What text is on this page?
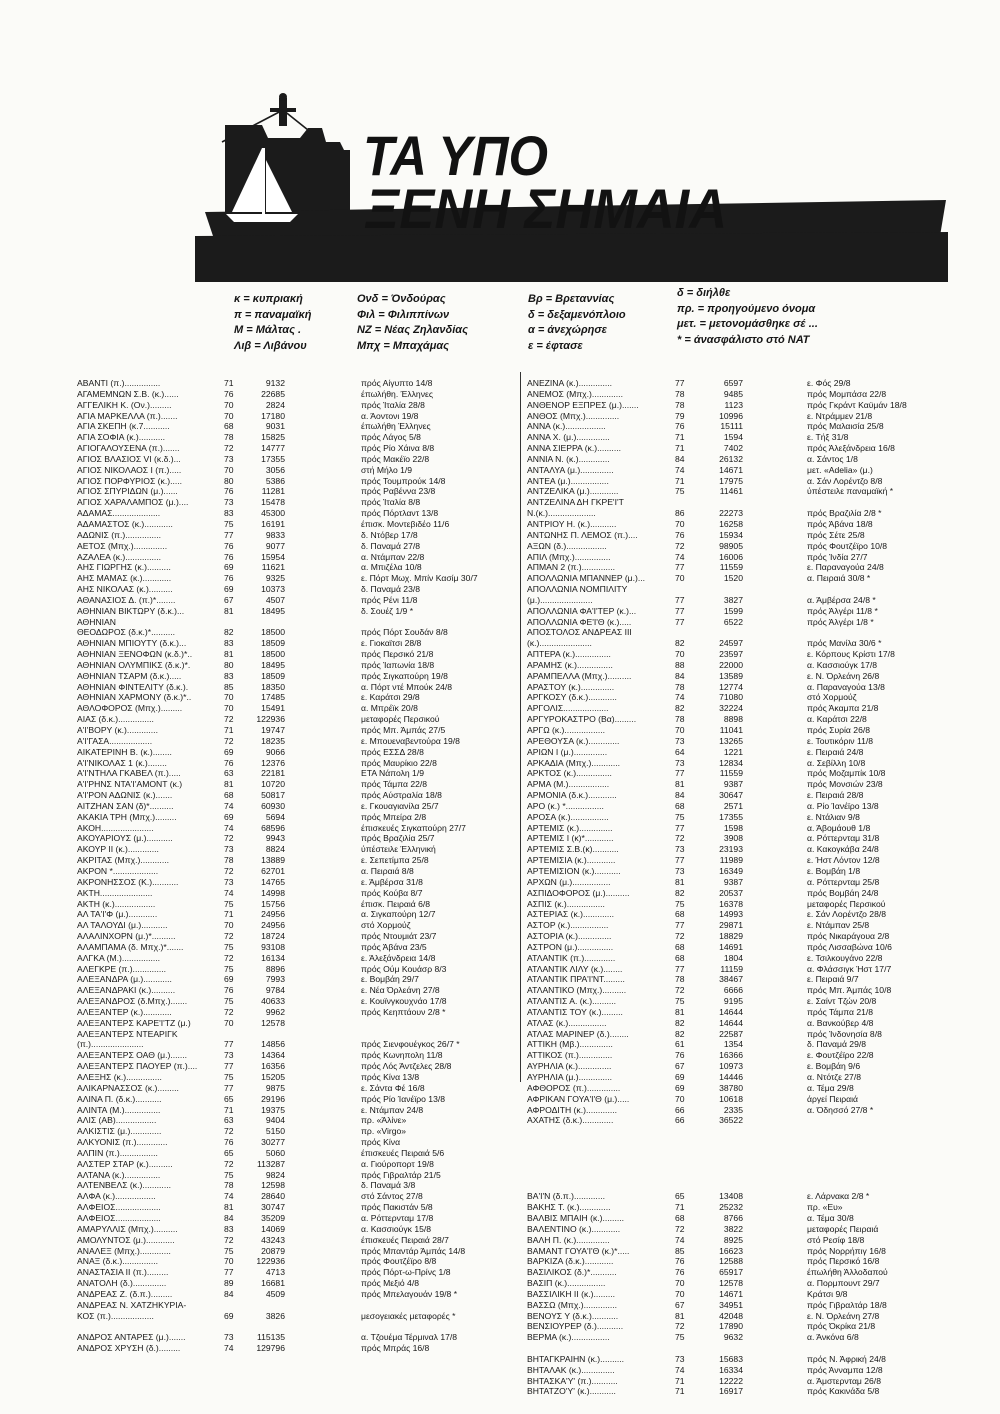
ΤΑ ΥΠΟ
ΞΕΝΗ ΣΗΜΑΙΑ
κ = κυπριακή
π = παναμαϊκή
Μ = Μάλτας .
Λιβ = Λιβάνου
Ονδ = Όνδούρας
Φιλ = Φιλιππίνων
ΝΖ = Νέας Ζηλανδίας
Μπχ = Μπαχάμας
Βρ = Βρεταννίας
δ = δεξαμενόπλοιο
α = άνεχώρησε
ε = έφτασε
δ = διήλθε
πρ. = προηγούμενο όνομα
μετ. = μετονομάσθηκε σέ ...
* = άνασφάλιστο στό ΝΑΤ
ΑΒΑΝΤΙ (π.)...............	71	9132	πρός Αίγυπτο 14/8
ΑΓΑΜΕΜΝΩΝ Σ.Β. (κ.)......	76	22685	έπωλήθη. Έλληνες
ΑΓΓΕΛΙΚΗ Κ. (Ον.).........	70	2824	πρός Ίταλία 28/8
ΑΓΙΑ ΜΑΡΚΕΛΛΑ (π.).......	70	17180	α. Άοντονι 19/8
ΑΓΙΑ ΣΚΕΠΗ (κ.7...........	68	9031	έπωλήθη Έλληνες
ΑΓΙΑ ΣΟΦΙΑ (κ.)...........	78	15825	πρός Λάγος 5/8
ΑΓΙΟΓΑΛΟΥΣΕΝΑ (π.).......	72	14777	πρός Ρίο Χάινα 8/8
ΑΓΙΟΣ ΒΛΑΣΙΟΣ VI (κ.δ.)...	73	17355	πρός Μακέϊο 22/8
ΑΓΙΟΣ ΝΙΚΟΛΑΟΣ Ι (π.).....	70	3056	στή Μήλο 1/9
ΑΓΙΟΣ ΠΟΡΦΥΡΙΟΣ (κ.).....	80	5386	πρός Τουμπρούκ 14/8
ΑΓΙΟΣ ΣΠΥΡΙΔΩΝ (μ.)......	76	11281	πρός Ραβέννα 23/8
ΑΓΙΟΣ ΧΑΡΑΛΑΜΠΟΣ (μ.)....	73	15478	πρός Ίταλία 8/8
ΑΔΑΜΑΣ....................	83	45300	πρός Πόρτλαντ 13/8
ΑΔΑΜΑΣΤΟΣ (κ.)............	75	16191	έπισκ. Μοντεβιδέο 11/6
ΑΔΩΝΙΣ (π.)...............	77	9833	δ. Ντόβερ 17/8
ΑΕΤΟΣ (Μπχ.)..............	76	9077	δ. Παναμά 27/8
ΑΖΑΛΕΑ (κ.)...............	76	15954	α. Ντάμπαν 22/8
ΑΗΣ ΓΙΩΡΓΗΣ (κ.)..........	69	11621	α. Μπιζέλα 10/8
ΑΗΣ ΜΑΜΑΣ (κ.)............	76	9325	ε. Πόρτ Μωχ. Μπίν Κασίμ 30/7
ΑΗΣ ΝΙΚΟΛΑΣ (κ.)..........	69	10373	δ. Παναμά 23/8
ΑΘΑΝΑΣΙΟΣ Δ. (π.)*........	67	4507	πρός Ρένι 11/8
ΑΘΗΝΙΑΝ ΒΙΚΤΩΡΥ (δ.κ.)...	81	18495	δ. Σουέζ 1/9 *
ΑΘΗΝΙΑΝ
ΘΕΟΔΩΡΟΣ (δ.κ.)*..........	82	18500	πρός Πόρτ Σουδάν 8/8
ΑΘΗΝΙΑΝ ΜΠΙΟΥΤΥ (δ.κ.)...	83	18509	ε. Γιοκαϊτσι 28/8
ΑΘΗΝΙΑΝ ΞΕΝΟΦΩΝ (κ.δ.)*..	81	18500	πρός Περσικό 21/8
ΑΘΗΝΙΑΝ ΟΛΥΜΠΙΚΣ (δ.κ.)*.	80	18495	πρός Ίαπωνία 18/8
ΑΘΗΝΙΑΝ ΤΣΑΡΜ (δ.κ.).....	83	18509	πρός Σιγκαπούρη 19/8
ΑΘΗΝΙΑΝ ΦΙΝΤΕΛΙΤΥ (δ.κ.).	85	18350	α. Πόρτ ντέ Μπούκ 24/8
ΑΘΗΝΙΑΝ ΧΑΡΜΟΝΥ (δ.κ.)*..	70	17485	ε. Καράτσι 29/8
ΑΘΛΟΦΟΡΟΣ (Μπχ.).........	70	15491	α. Μπρέϊκ 20/8
ΑΙΑΣ (δ.κ.)...............	72	122936	μεταφορές Περσικού
Α'Ι'ΒΟΡΥ (κ.).............	71	19747	πρός Μπ. Άμπάς 27/5
Α'Ι'ΓΑΣΑ..................	72	18235	ε. Μπουεναβεντούρα 19/8
ΑΙΚΑΤΕΡΙΝΗ Β. (κ.)........	69	9066	πρός ΕΣΣΔ 28/8
Α'Ι'ΝΙΚΟΛΑΣ 1 (κ.)........	76	12376	πρός Μαυρίκιο 22/8
Α'Ι'ΝΤΗΛΑ ΓΚΑΒΕΛ (π.).....	63	22181	ΕΤΑ Νάπολη 1/9
Α'Ι'ΡΗΝΣ ΝΤΑ'Ι'ΑΜΟΝΤ (κ.)	81	10720	πρός Τάμπα 22/8
Α'Ι'ΡΟΝ ΑΔΩΝΙΣ (κ.).......	68	50817	πρός Αύστραλία 18/8
ΑΙΤΖΗΑΝ ΣΑΝ (δ)*..........	74	60930	ε. Γκουαγιανίλα 25/7
ΑΚΑΚΙΑ ΤΡΗ (Μπχ.).........	69	5694	πρός Μπείρα 2/8
ΑΚΟΗ......................	74	68596	έπισκευές Σιγκαπούρη 27/7
ΑΚΟΥΑΡΙΟΥΣ (μ.)...........	72	9943	πρός Βραζιλία 25/7
ΑΚΟΥΡ ΙΙ (κ.).............	73	8824	ύπέστειλε Έλληνική
ΑΚΡΙΤΑΣ (Μπχ.)............	78	13889	ε. Σεπετίμπα 25/8
ΑΚΡΟΝ *...................	72	62701	α. Πειραιά 8/8
ΑΚΡΟΝΗΣΣΟΣ (Κ.)...........	73	14765	ε. Άμβέρσα 31/8
ΑΚΤΗ......................	74	14998	πρός Κούβα 8/7
ΑΚΤΗ (κ.).................	75	15756	έπισκ. Πειραιά 6/8
ΑΛ ΤΑ'Ι'Φ (μ.)............	71	24956	α. Σιγκαπούρη 12/7
ΑΛ ΤΑΛΟΥΔΙ (μ.)...........	70	24956	στό Χορμούζ
ΑΛΑΛΙΝΧΟΡΝ (μ.)*..........	72	18724	πρός Ντουμιάτ 23/7
ΑΛΑΜΠΑΜΑ (δ. Μπχ.)*.......	75	93108	πρός Άβάνα 23/5
ΑΛΓΚΑ (Μ.)................	72	16134	ε. Άλεξάνδρεια 14/8
ΑΛΕΓΚΡΕ (π.)..............	75	8896	πρός Ούμ Κουάσρ 8/3
ΑΛΕΞΑΝΔΡΑ (μ.)............	69	7993	ε. Βομβάη 29/7
ΑΛΕΞΑΝΔΡΑΚΙ (κ.)..........	76	9784	ε. Νέα Όρλεάνη 27/8
ΑΛΕΞΑΝΔΡΟΣ (δ.Μπχ.).......	75	40633	ε. Κουϊνγκουχνάο 17/8
ΑΛΕΞΑΝΤΕΡ (κ.)............	72	9962	πρός Κεηπτάουν 2/8 *
ΑΛΕΞΑΝΤΕΡΣ ΚΑΡΕ'Ι'ΤΖ (μ.)	70	12578
ΑΛΕΞΑΝΤΕΡΣ ΝΤΕΑΡΙΓΚ
(π.)......................	77	14856	πρός Σιενφουέγκος 26/7 *
ΑΛΕΞΑΝΤΕΡΣ ΟΑΘ (μ.).......	73	14364	πρός Κωνηπολη 11/8
ΑΛΕΞΑΝΤΕΡΣ ΠΑΟΥΕΡ (π.)....	77	16356	πρός Λός Άντζελες 28/8
ΑΛΕΞΗΣ (κ.)...............	75	15205	πρός Κίνα 13/8
ΑΛΙΚΑΡΝΑΣΣΟΣ (κ.).........	77	9875	ε. Σάντα Φέ 16/8
ΑΛΙΝΑ Π. (δ.κ.)...........	65	29196	πρός Ρίο Ίανέϊρο 13/8
ΑΛΙΝΤΑ (Μ.)...............	71	19375	ε. Ντάμπαν 24/8
ΑΛΙΣ (ΑΒ).................	63	9404	πρ. «Άλίνε»
ΑΛΚΙΣΤΙΣ (μ.).............	72	5150	πρ. «Virgo»
ΑΛΚΥΟΝΙΣ (π.).............	76	30277	πρός Κίνα
ΑΛΠΙΝ (π.)................	65	5060	έπισκευές Πειραιά 5/6
ΑΛΣΤΕΡ ΣΤΑΡ (κ.)..........	72	113287	α. Γιούροπορτ 19/8
ΑΛΤΑΝΑ (κ.)...............	75	9824	πρός Γιβραλτάρ 21/5
ΑΛΤΕΝΒΕΛΣ (κ.)............	78	12598	δ. Παναμά 3/8
ΑΛΦΑ (κ.).................	74	28640	στό Σάντος 27/8
ΑΛΦΕΙΟΣ...................	81	30747	πρός Πακιστάν 5/8
ΑΛΦΕΙΟΣ...................	84	35209	α. Ρόττερνταμ 17/8
ΑΜΑΡΥΛΛΙΣ (Μπχ.)..........	83	14069	α. Κασσιούγκ 15/8
ΑΜΟΛΥΝΤΟΣ (μ.)............	72	43243	έπισκευές Πειραιά 28/7
ΑΝΑΛΕΞ (Μπχ.).............	75	20879	πρός Μπαντάρ Άμπάς 14/8
ΑΝΑΞ (δ.κ.)...............	70	122936	πρός Φουτζέϊρο 8/8
ΑΝΑΣΤΑΣΙΑ ΙΙ (π.).........	77	4713	πρός Πόρτ-ω-Πρίνς 1/8
ΑΝΑΤΟΛΗ (δ.)..............	89	16681	πρός Μεξιό 4/8
ΑΝΔΡΕΑΣ Ζ. (δ.π.).........	84	4509	πρός Μπελαγουάν 19/8 *
ΑΝΔΡΕΑΣ Ν. ΧΑΤΖΗΚΥΡΙΑ-
ΚΟΣ (π.)..................	69	3826	μεσογειακές μεταφορές *
ΑΝΔΡΟΣ ΑΝΤΑΡΕΣ (μ.).......	73	115135	α. Τζουέμα Τέρμιναλ 17/8
ΑΝΔΡΟΣ ΧΡΥΣΗ (δ.).........	74	129796	πρός Μπράς 16/8
ΑΝΕΖΙΝΑ (κ.)..............	77	6597	ε. Φός 29/8
ΑΝΕΜΟΣ (Μπχ.).............	78	9485	πρός Μομπάσα 22/8
ΑΝΘΕΝΟΡ ΕΞΠΡΕΣ (μ.).......	78	1123	πρός Γκράντ Καϋμάν 18/8
ΑΝΘΟΣ (Μπχ.)..............	79	10996	ε. Ντράμμεν 21/8
ΑΝΝΑ (κ.).................	76	15111	πρός Μαλαισία 25/8
ΑΝΝΑ Χ. (μ.)..............	71	1594	ε. Τήξ 31/8
ΑΝΝΑ ΣΙΕΡΡΑ (κ.)..........	71	7402	πρός Άλεξάνδρεια 16/8
ΑΝΝΙΑ Ν. (κ.).............	84	26132	α. Σάντος 1/8
ΑΝΤΑΛΥΑ (μ.)..............	74	14671	μετ. «Adelia» (μ.)
ΑΝΤΕΑ (μ.)................	71	17975	α. Σάν Λορέντζο 8/8
ΑΝΤΖΕΛΙΚΑ (μ.)............	75	11461	ύπέστειλε παναμαϊκή *
ΑΝΤΖΕΛΙΝΑ ΔΗ ΓΚΡΕ'Ι'Τ
Ν.(κ.)....................	86	22273	πρός Βραζιλία 2/8 *
ΑΝΤΡΙΟΥ Η. (κ.)...........	70	16258	πρός Άβάνα 18/8
ΑΝΤΩΝΗΣ Π. ΛΕΜΟΣ (π.)....	76	15934	πρός Σέτε 25/8
ΑΞΩΝ (δ.).................	72	98905	πρός Φουτζέϊρο 10/8
ΑΠΙΛ (Μπχ.)...............	74	16006	πρός Ίνδία 27/7
ΑΠΜΑΝ 2 (π.)..............	77	11559	ε. Παραναγούα 24/8
ΑΠΟΛΛΩΝΙΑ ΜΠΑΝΝΕΡ (μ.)...	70	1520	α. Πειραιά 30/8 *
ΑΠΟΛΛΩΝΙΑ ΝΟΜΠΙΛΙΤΥ
(μ.)......................	77	3827	α. Άμβέρσα 24/8 *
ΑΠΟΛΛΩΝΙΑ ΦΑ'Ι'ΤΕΡ (κ.)...	77	1599	πρός Άλγέρι 11/8 *
ΑΠΟΛΛΩΝΙΑ ΦΕ'Ι'Θ (κ.).....	77	6522	πρός Άλγέρι 1/8 *
ΑΠΟΣΤΟΛΟΣ ΑΝΔΡΕΑΣ ΙΙΙ
(κ.)......................	82	24597	πρός Μανίλα 30/6 *
ΑΠΤΕΡΑ (κ.)...............	70	23597	ε. Κόρπους Κρίστι 17/8
ΑΡΑΜΗΣ (κ.)...............	88	22000	α. Κασσιούγκ 17/8
ΑΡΑΜΠΕΛΛΑ (Μπχ.)..........	84	13589	ε. Ν. Όρλεάνη 26/8
ΑΡΑΣΤΟΥ (κ.)..............	78	12774	α. Παραναγούα 13/8
ΑΡΓΚΟΣΥ (δ.κ.)............	74	71080	στό Χορμούζ
ΑΡΓΟΛΙΣ...................	82	32224	πρός Άκαμπα 21/8
ΑΡΓΥΡΟΚΑΣΤΡΟ (Βα).........	78	8898	α. Καράτσι 22/8
ΑΡΓΩ (κ.).................	70	11041	πρός Συρία 26/8
ΑΡΕΘΟΥΣΑ (κ.).............	73	13265	ε. Τουτικόριν 11/8
ΑΡΙΩΝ Ι (μ.)..............	64	1221	ε. Πειραιά 24/8
ΑΡΚΑΔΙΑ (Μπχ.)............	73	12834	α. Σεβίλλη 10/8
ΑΡΚΤΟΣ (κ.)...............	77	11559	πρός Μοζαμπίκ 10/8
ΑΡΜΑ (Μ.).................	81	9387	πρός Μονσιών 23/8
ΑΡΜΟΝΙΑ (δ.κ.)............	84	30647	ε. Πειραιά 28/8
ΑΡΟ (κ.) *................	68	2571	α. Ρίο Ίανέϊρο 13/8
ΑΡΟΣΑ (κ.)................	75	17355	ε. Ντάλιαν 9/8
ΑΡΤΕΜΙΣ (κ.)..............	77	1598	α. Άβομάουθ 1/8
ΑΡΤΕΜΙΣ Ι (κ)*............	72	3908	α. Ρόττερνταμ 31/8
ΑΡΤΕΜΙΣ Σ.Β.(κ)...........	73	23193	α. Κακογκάβα 24/8
ΑΡΤΕΜΙΣΙΑ (κ.)............	77	11989	ε. Ήστ Λόντον 12/8
ΑΡΤΕΜΙΣΙΟΝ (κ.)...........	73	16349	ε. Βομβάη 1/8
ΑΡΧΩΝ (μ.)................	81	9387	α. Ρόττερνταμ 25/8
ΑΣΠΙΔΟΦΟΡΟΣ (μ.)..........	82	20537	πρός Βομβάη 24/8
ΑΣΠΙΣ (κ.)................	75	16378	μεταφορές Περσικού
ΑΣΤΕΡΙΑΣ (κ.).............	68	14993	ε. Σάν Λορέντζο 28/8
ΑΣΤΟΡ (κ.)................	77	29871	ε. Ντάμπαν 25/8
ΑΣΤΟΡΙΑ (κ.)..............	72	18829	πρός Νικαράγουα 2/8
ΑΣΤΡΟΝ (μ.)...............	68	14691	πρός Λισσαβώνα 10/6
ΑΤΛΑΝΤΙΚ (π.).............	68	1804	ε. Τσιλκουγάνο 22/8
ΑΤΛΑΝΤΙΚ ΛΙΛΥ (κ.)........	77	11159	α. Φλάσσιγκ Ήστ 17/7
ΑΤΛΑΝΤΙΚ ΠΡΑ'Ι'ΝΤ.........	78	38467	ε. Πειραιά 9/7
ΑΤΛΑΝΤΙΚΟ (Μπχ.)..........	72	6666	πρός Μπ. Άμπάς 10/8
ΑΤΛΑΝΤΙΣ Α. (κ.)..........	75	9195	ε. Σαίντ Τζών 20/8
ΑΤΛΑΝΤΙΣ ΤΟΥ (κ.).........	81	14644	πρός Τάμπα 21/8
ΑΤΛΑΣ (κ.)................	82	14644	α. Βανκούβερ 4/8
ΑΤΛΑΣ ΜΑΡΙΝΕΡ (δ.)........	82	22587	πρός Ίνδονησία 8/8
ΑΤΤΙΚΗ (Μβ.)..............	61	1354	δ. Παναμά 29/8
ΑΤΤΙΚΟΣ (π.)..............	76	16366	ε. Φουτζέϊρο 22/8
ΑΥΡΗΛΙΑ (κ.)..............	67	10973	ε. Βομβάη 9/6
ΑΥΡΗΛΙΑ (μ.)..............	69	14446	α. Ντότζε 27/8
ΑΦΘΟΡΟΣ (π.)..............	69	38780	α. Τέμα 29/8
ΑΦΡΙΚΑΝ ΓΟΥΑ'Ι'Θ (μ.).....	70	10618	άργεί Πειραιά
ΑΦΡΟΔΙΤΗ (κ.).............	66	2335	α. Όδησσό 27/8 *
ΑΧΑΤΗΣ (δ.κ.).............	66	36522
ΒΑ'Ι'Ν (δ.π.).............	65	13408	ε. Λάρνακα 2/8 *
ΒΑΚΗΣ Τ. (κ.).............	71	25232	πρ. «Ευ»
ΒΑΛΒΙΣ ΜΠΑΙΗ (κ.).........	68	8766	α. Τέμα 30/8
ΒΑΛΕΝΤΙΝΟ (κ.)............	72	3822	μεταφορές Πειραιά
ΒΑΛΗ Π. (κ.)..............	74	8925	στό Ρεσίφ 18/8
ΒΑΜΑΝΤ ΓΟΥΑ'Ι'Θ (κ.)*.....	85	16623	πρός Νορρήπιγ 16/8
ΒΑΡΚΙΖΑ (δ.κ.)............	76	12588	πρός Περσικό 16/8
ΒΑΣΙΛΙΚΟΣ (δ.)*...........	76	65917	έπωλήθη Άλλοδαπού
ΒΑΣΙΠ (κ.)................	70	12578	α. Πορμπουντ 29/7
ΒΑΣΣΙΛΙΚΗ ΙΙ (κ.).........	70	14671	Κράτσι 9/8
ΒΑΣΣΩ (Μπχ.)..............	67	34951	πρός Γιβραλτάρ 18/8
ΒΕΝΟΥΣ Υ (δ.κ.)...........	81	42048	ε. Ν. Όρλεάνη 27/8
ΒΕΝΣΙΟΥΡΕΡ (δ.)...........	72	17890	πρός Όκρίκα 21/8
ΒΕΡΜΑ (κ.)................	75	9632	α. Άνκόνα 6/8
ΒΗΤΑΓΚΡΑΙΗΝ (κ.)..........	73	15683	πρός Ν. Άφρική 24/8
ΒΗΤΑΛΑΚ (κ.)..............	74	16334	πρός Άνναμπα 12/8
ΒΗΤΑΣΚΑ'Υ' (π.)...........	71	12222	α. Άμστερνταμ 26/8
ΒΗΤΑΤΖΟ'Υ' (κ.)...........	71	16917	πρός Κακινάδα 5/8
